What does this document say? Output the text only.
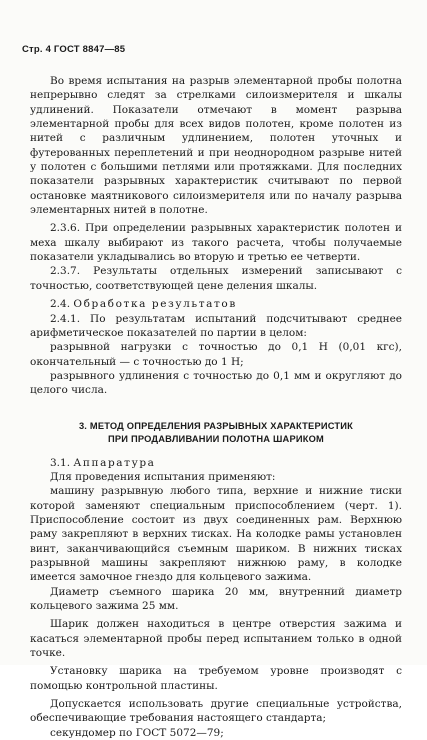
Стр. 4 ГОСТ 8847—85

Во время испытания на разрыв элементарной пробы полотна непрерывно следят за стрелками силоизмерителя и шкалы удлинений. Показатели отмечают в момент разрыва элементарной пробы для всех видов полотен, кроме полотен из нитей с различным удлинением, полотен уточных и футерованных переплетений и при неоднородном разрыве нитей у полотен с большими петлями или протяжками. Для последних показатели разрывных характеристик считывают по первой остановке маятникового силоизмерителя или по началу разрыва элементарных нитей в полотне.

2.3.6. При определении разрывных характеристик полотен и меха шкалу выбирают из такого расчета, чтобы получаемые показатели укладывались во вторую и третью ее четверти.

2.3.7. Результаты отдельных измерений записывают с точностью, соответствующей цене деления шкалы.

2.4. Обработка результатов

2.4.1. По результатам испытаний подсчитывают среднее арифметическое показателей по партии в целом:

разрывной нагрузки с точностью до 0,1 Н (0,01 кгс), окончательный — с точностью до 1 Н;

разрывного удлинения с точностью до 0,1 мм и округляют до целого числа.

3. МЕТОД ОПРЕДЕЛЕНИЯ РАЗРЫВНЫХ ХАРАКТЕРИСТИК
ПРИ ПРОДАВЛИВАНИИ ПОЛОТНА ШАРИКОМ

3.1. Аппаратура

Для проведения испытания применяют:

машину разрывную любого типа, верхние и нижние тиски которой заменяют специальным приспособлением (черт. 1). Приспособление состоит из двух соединенных рам. Верхнюю раму закрепляют в верхних тисках. На колодке рамы установлен винт, заканчивающийся съемным шариком. В нижних тисках разрывной машины закрепляют нижнюю раму, в колодке имеется замочное гнездо для кольцевого зажима.

Диаметр съемного шарика 20 мм, внутренний диаметр кольцевого зажима 25 мм.

Шарик должен находиться в центре отверстия зажима и касаться элементарной пробы перед испытанием только в одной точке.

Установку шарика на требуемом уровне производят с помощью контрольной пластины.

Допускается использовать другие специальные устройства, обеспечивающие требования настоящего стандарта;

секундомер по ГОСТ 5072—79;
